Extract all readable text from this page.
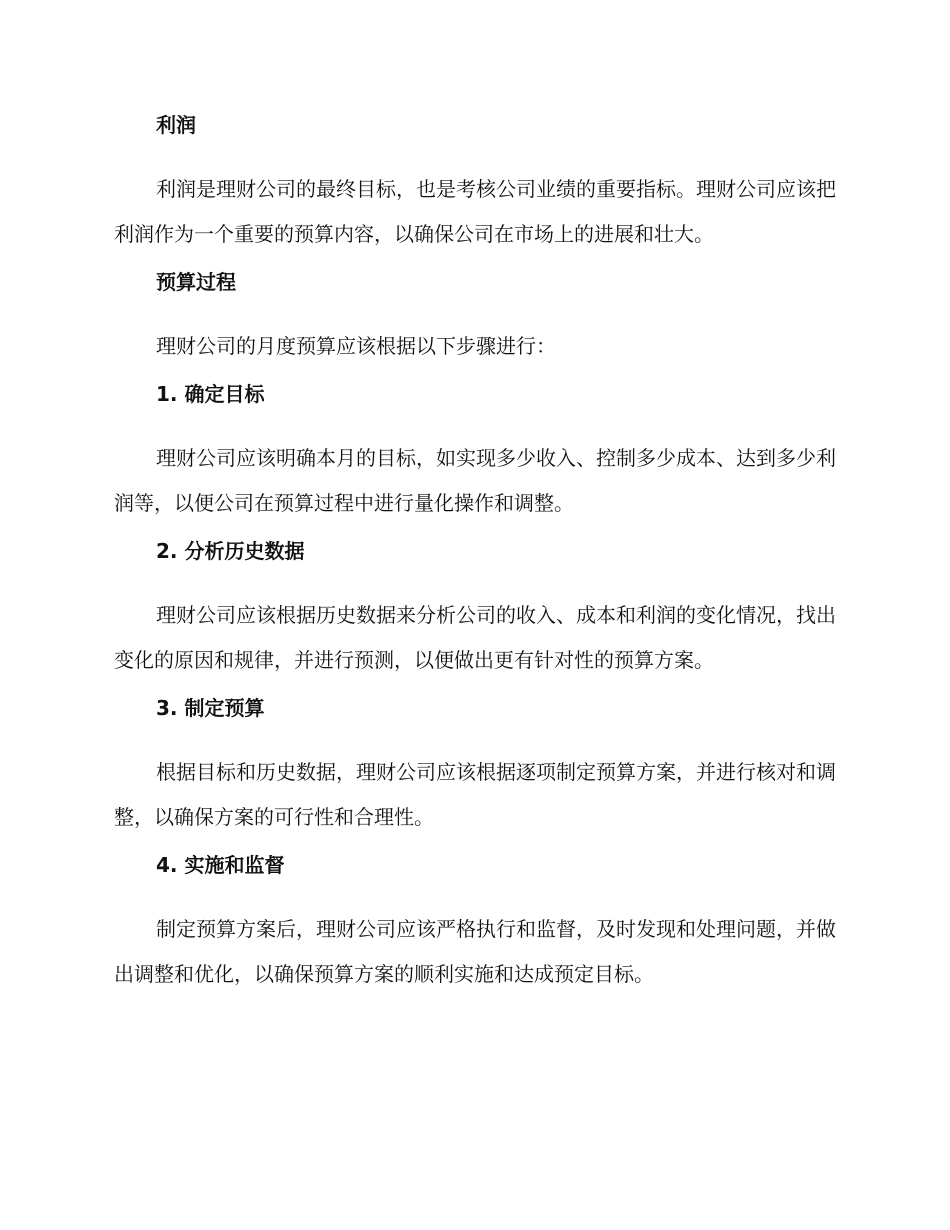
利润

利润是理财公司的最终目标，也是考核公司业绩的重要指标。理财公司应该把利润作为一个重要的预算内容，以确保公司在市场上的进展和壮大。

预算过程

理财公司的月度预算应该根据以下步骤进行：

1. 确定目标

理财公司应该明确本月的目标，如实现多少收入、控制多少成本、达到多少利润等，以便公司在预算过程中进行量化操作和调整。

2. 分析历史数据

理财公司应该根据历史数据来分析公司的收入、成本和利润的变化情况，找出变化的原因和规律，并进行预测，以便做出更有针对性的预算方案。

3. 制定预算

根据目标和历史数据，理财公司应该根据逐项制定预算方案，并进行核对和调整，以确保方案的可行性和合理性。

4. 实施和监督

制定预算方案后，理财公司应该严格执行和监督，及时发现和处理问题，并做出调整和优化，以确保预算方案的顺利实施和达成预定目标。
